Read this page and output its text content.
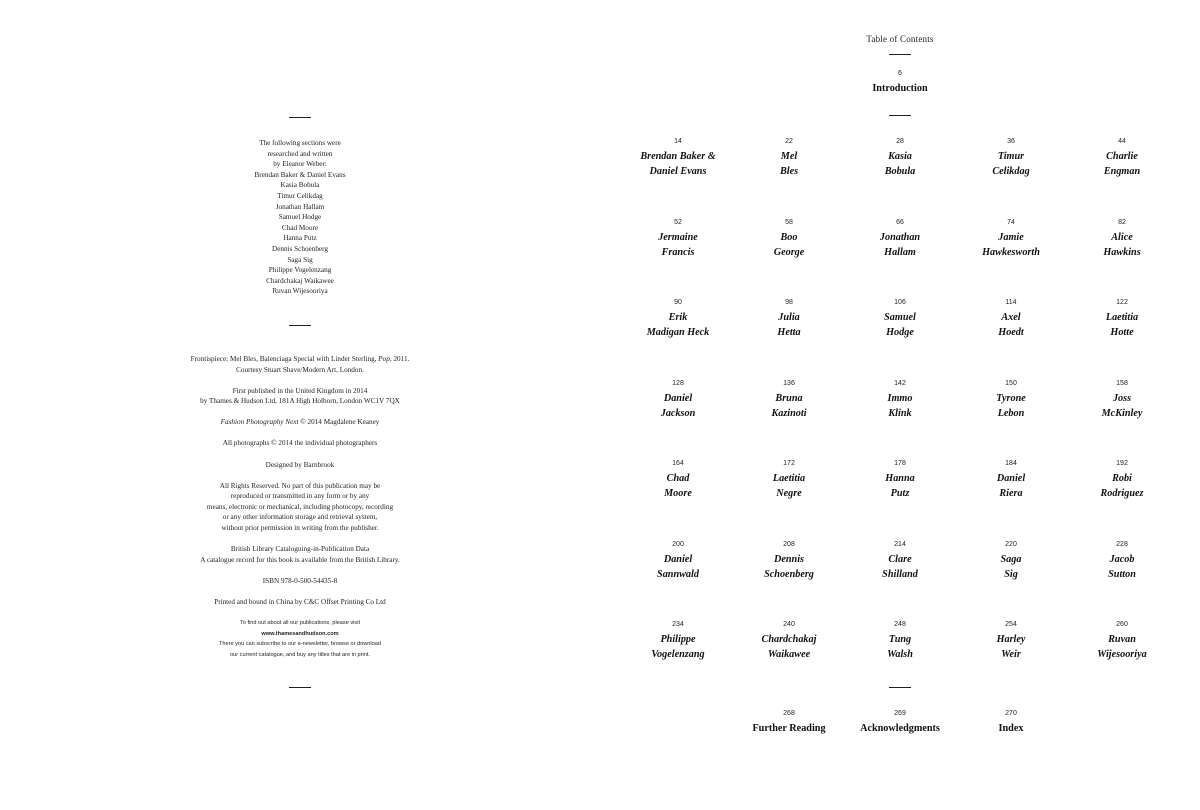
The following sections were
researched and written
by Eleanor Weber:
Brendan Baker & Daniel Evans
Kasia Bobula
Timur Celikdag
Jonathan Hallam
Samuel Hodge
Chad Moore
Hanna Putz
Dennis Schoenberg
Saga Sig
Philippe Vogelenzang
Chardchakaj Waikawee
Ruvan Wijesooriya
Frontispiece: Mel Bles, Balenciaga Special with Linder Sterling, Pop, 2011.
Courtesy Stuart Shave/Modern Art, London.
First published in the United Kingdom in 2014
by Thames & Hudson Ltd, 181A High Holborn, London WC1V 7QX
Fashion Photography Next © 2014 Magdalene Keaney
All photographs © 2014 the individual photographers
Designed by Barnbrook
All Rights Reserved. No part of this publication may be
reproduced or transmitted in any form or by any
means, electronic or mechanical, including photocopy, recording
or any other information storage and retrieval system,
without prior permission in writing from the publisher.
British Library Cataloguing-in-Publication Data
A catalogue record for this book is available from the British Library.
ISBN 978-0-500-54435-8
Printed and bound in China by C&C Offset Printing Co Ltd
To find out about all our publications, please visit
www.thamesandhudson.com
There you can subscribe to our e-newsletter, browse or download
our current catalogue, and buy any titles that are in print.
Table of Contents
6
Introduction
14
Brendan Baker &
Daniel Evans
22
Mel
Bles
28
Kasia
Bobula
36
Timur
Celikdag
44
Charlie
Engman
52
Jermaine
Francis
58
Boo
George
66
Jonathan
Hallam
74
Jamie
Hawkesworth
82
Alice
Hawkins
90
Erik
Madigan Heck
98
Julia
Hetta
106
Samuel
Hodge
114
Axel
Hoedt
122
Laetitia
Hotte
128
Daniel
Jackson
136
Bruna
Kazinoti
142
Immo
Klink
150
Tyrone
Lebon
158
Joss
McKinley
164
Chad
Moore
172
Laetitia
Negre
178
Hanna
Putz
184
Daniel
Riera
192
Robi
Rodriguez
200
Daniel
Sannwald
208
Dennis
Schoenberg
214
Clare
Shilland
220
Saga
Sig
228
Jacob
Sutton
234
Philippe
Vogelenzang
240
Chardchakaj
Waikawee
248
Tung
Walsh
254
Harley
Weir
260
Ruvan
Wijesooriya
268
Further Reading
269
Acknowledgments
270
Index
